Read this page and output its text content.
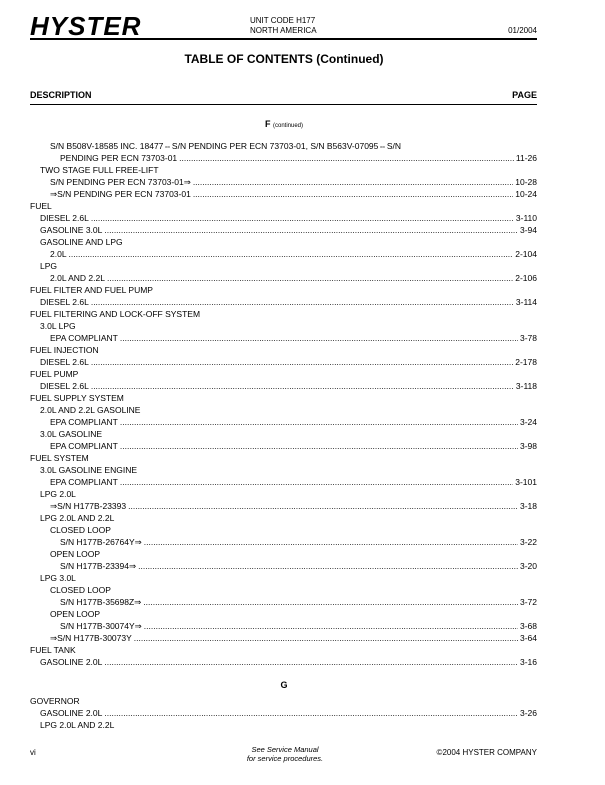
HYSTER	UNIT CODE H177
NORTH AMERICA	01/2004
TABLE OF CONTENTS (Continued)
DESCRIPTION	PAGE
F (continued)
S/N B508V-18585 INC. 18477⇔S/N PENDING PER ECN 73703-01, S/N B563V-07095⇔S/N
PENDING PER ECN 73703-01 .....	11-26
TWO STAGE FULL FREE-LIFT
S/N PENDING PER ECN 73703-01⇒ .....	10-28
⇒S/N PENDING PER ECN 73703-01 .....	10-24
FUEL
DIESEL 2.6L .....	3-110
GASOLINE 3.0L .....	3-94
GASOLINE AND LPG
2.0L .....	2-104
LPG
2.0L AND 2.2L .....	2-106
FUEL FILTER AND FUEL PUMP
DIESEL 2.6L .....	3-114
FUEL FILTERING AND LOCK-OFF SYSTEM
3.0L LPG
EPA COMPLIANT .....	3-78
FUEL INJECTION
DIESEL 2.6L .....	2-178
FUEL PUMP
DIESEL 2.6L .....	3-118
FUEL SUPPLY SYSTEM
2.0L AND 2.2L GASOLINE
EPA COMPLIANT .....	3-24
3.0L GASOLINE
EPA COMPLIANT .....	3-98
FUEL SYSTEM
3.0L GASOLINE ENGINE
EPA COMPLIANT .....	3-101
LPG 2.0L
⇒S/N H177B-23393 .....	3-18
LPG 2.0L AND 2.2L
CLOSED LOOP
S/N H177B-26764Y⇒ .....	3-22
OPEN LOOP
S/N H177B-23394⇒ .....	3-20
LPG 3.0L
CLOSED LOOP
S/N H177B-35698Z⇒ .....	3-72
OPEN LOOP
S/N H177B-30074Y⇒ .....	3-68
⇒S/N H177B-30073Y .....	3-64
FUEL TANK
GASOLINE 2.0L .....	3-16
G
GOVERNOR
GASOLINE 2.0L .....	3-26
LPG 2.0L AND 2.2L
vi	See Service Manual
for service procedures.
©2004 HYSTER COMPANY
